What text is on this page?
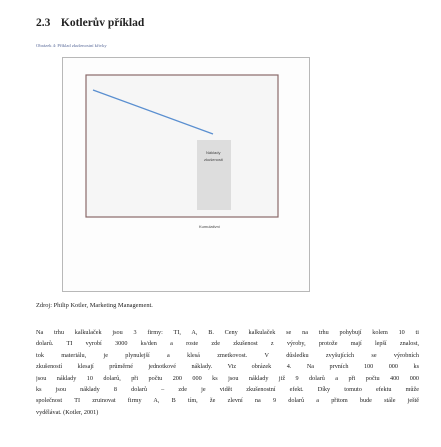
2.3 Kotlerův příklad
Obrázek 4: Příklad zkušenostní křivky
Náklady
zkušenosti
Kumulativní
Zdroj: Philip Kotler, Marketing Management.
Na trhu kalkulaček jsou 3 firmy: TI, A, B. Ceny kalkulaček se na trhu pohybují kolem 10 ti
dolarů. TI vyrobí 3000 ks/den a roste zde zkušenost z výroby, protože mají lepší znalost,
tok materiálu, je plynulejší a klesá zmetkovost. V důsledku zvyšujících se výrobních
zkušeností klesají průměrné jednotkové náklady. Viz obrázek 4. Na prvních 100 000 ks
jsou náklady 10 dolarů, při počtu 200 000 ks jsou náklady již 9 dolarů a při počtu 400 000
ks jsou náklady 8 dolarů – zde je vidět zkušenostní efekt. Díky tomuto efektu může
společnost TI zruinovat firmy A, B tím, že zlevní na 9 dolarů a přitom bude stále ještě
vydělávat. (Kotler, 2001)
